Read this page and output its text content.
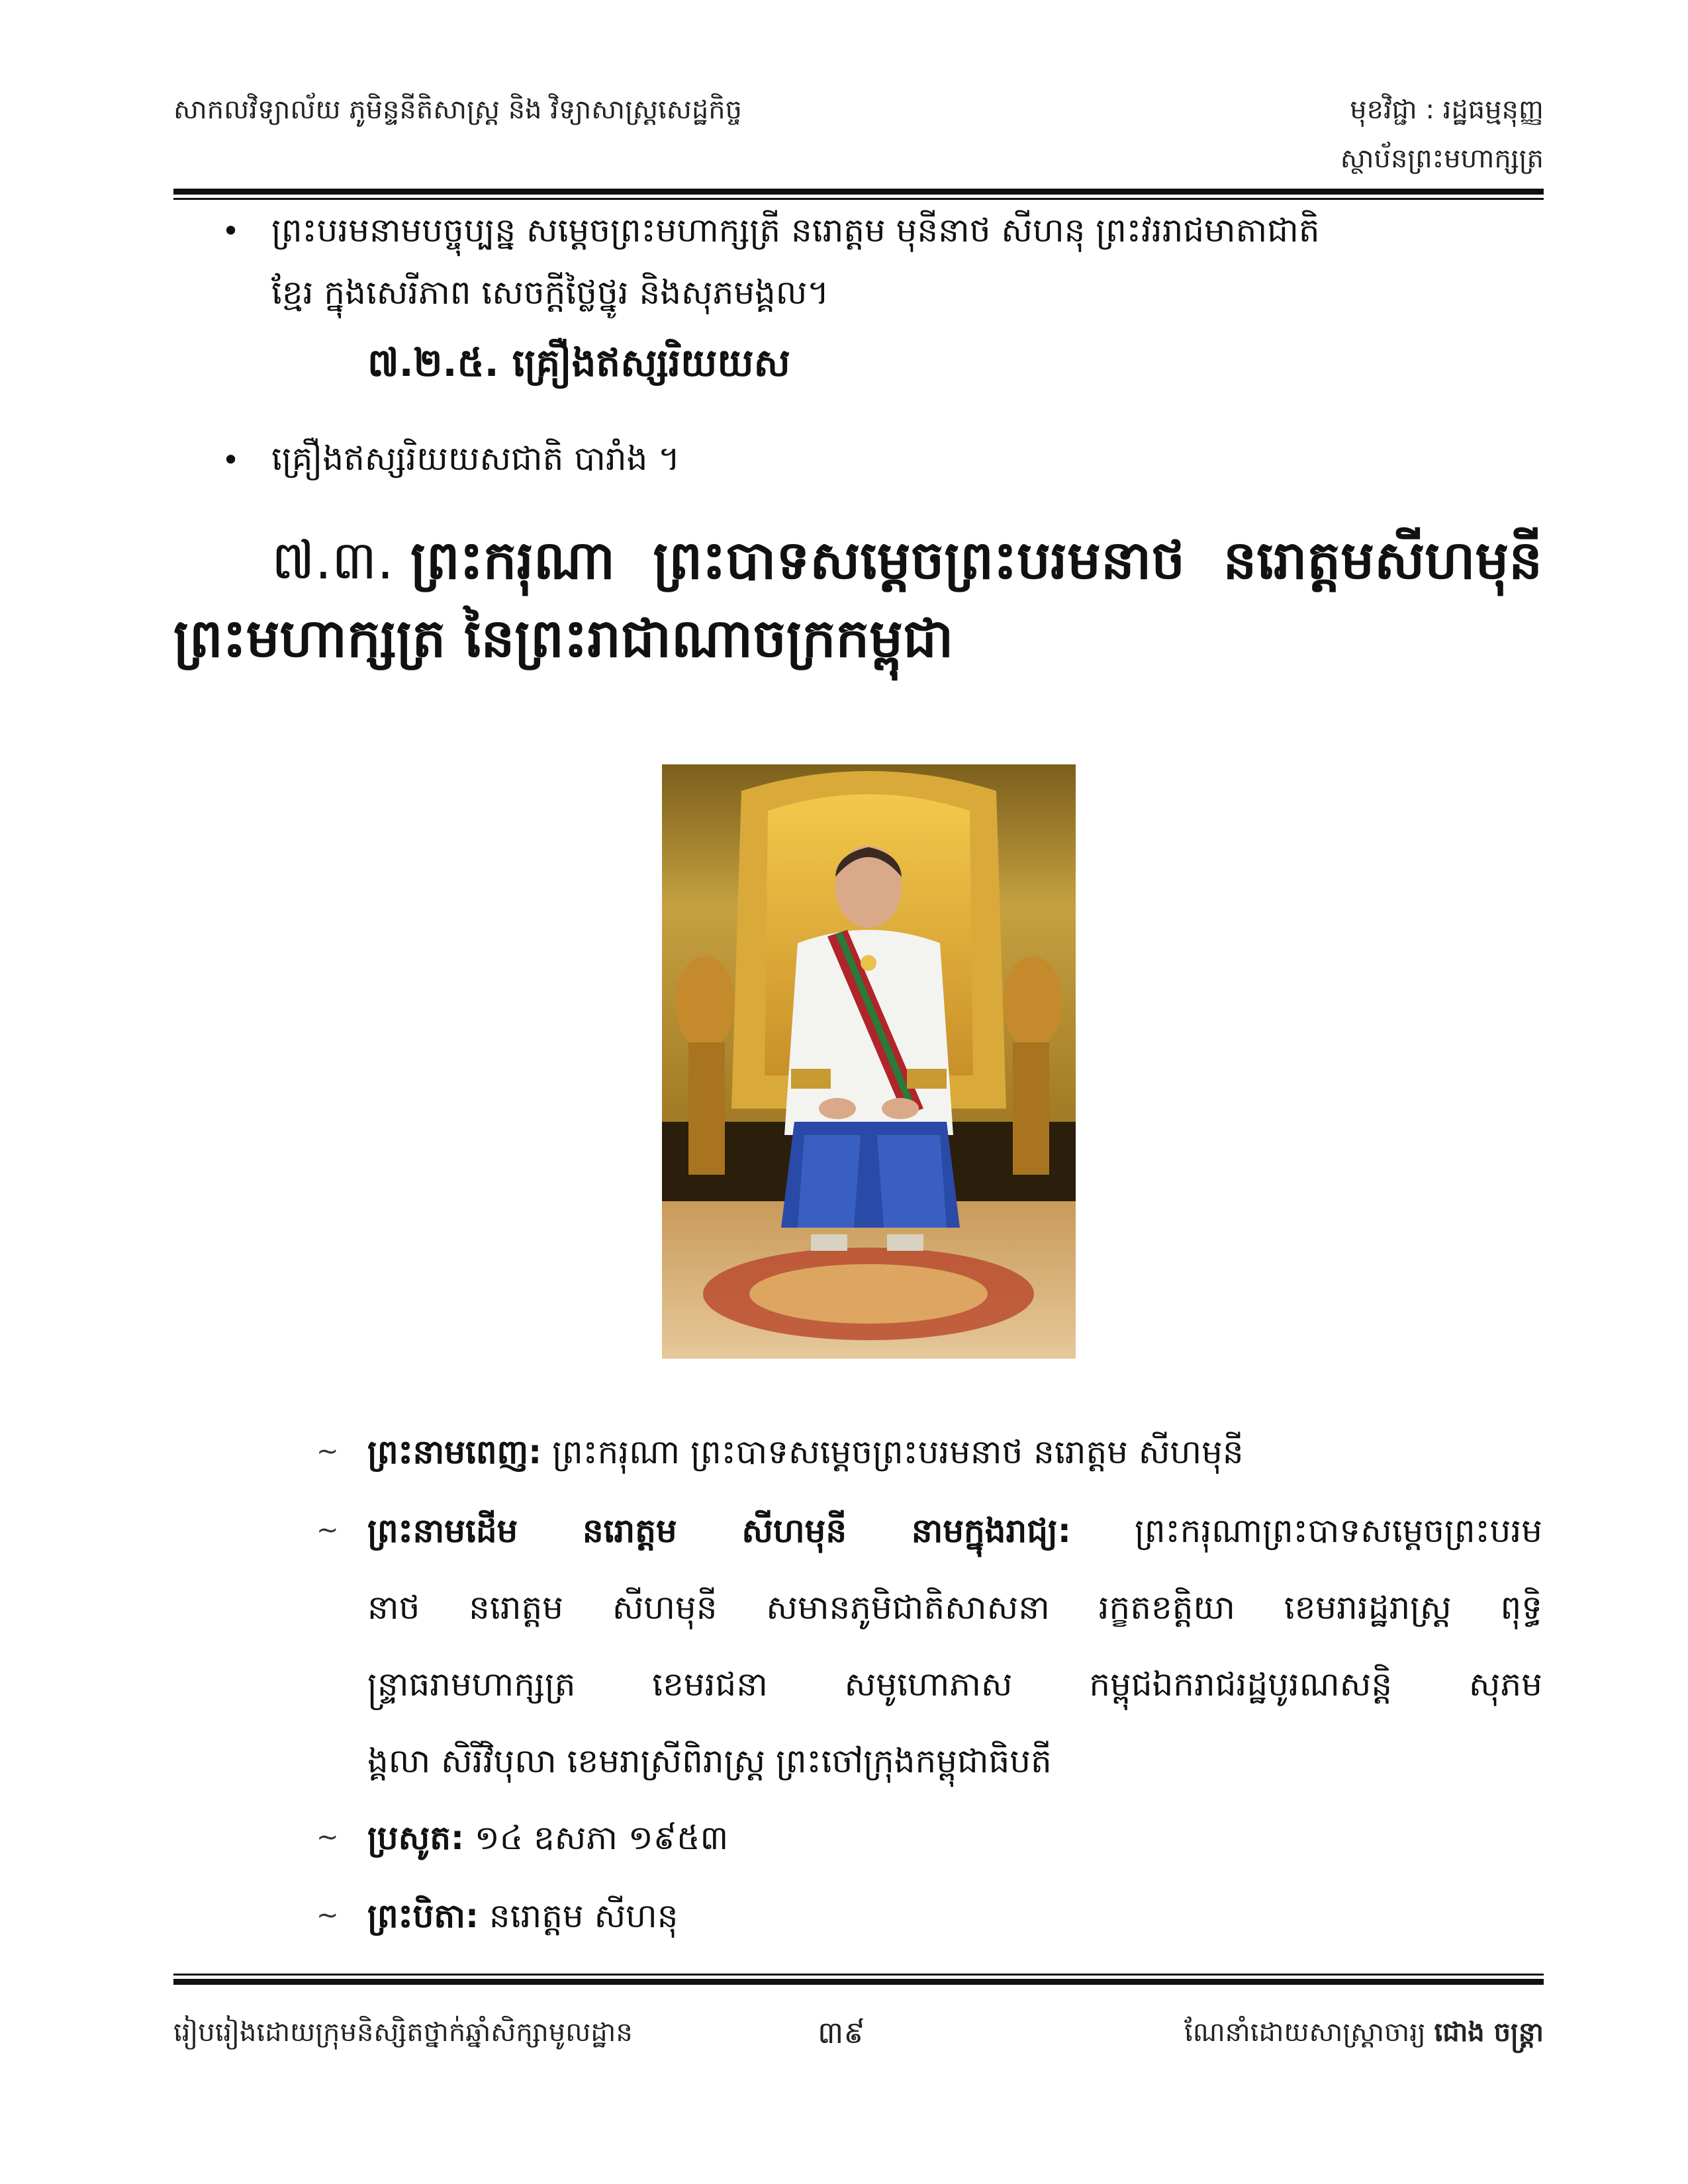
សាកលវិទ្យាល័យ ភូមិន្ទនីតិសាស្ត្រ និង វិទ្យាសាស្ត្រសេដ្ឋកិច្ច	មុខវិជ្ជា : រដ្ឋធម្មនុញ្ញ
ស្ថាប័នព្រះមហាក្សត្រ
• ព្រះបរមនាមបច្ចុប្បន្ន សម្តេចព្រះមហាក្សត្រី នរោត្តម មុនីនាថ សីហនុ ព្រះវររាជមាតាជាតិ
ខ្មែរ ក្នុងសេរីភាព សេចក្តីថ្លៃថ្នូរ និងសុភមង្គល។
៧.២.៥. គ្រឿងឥស្សរិយយស
• គ្រឿងឥស្សរិយយសជាតិ បារាំង ។
៧.៣. ព្រះករុណា ព្រះបាទសម្តេចព្រះបរមនាថ នរោត្តមសីហមុនី
ព្រះមហាក្សត្រ នៃព្រះរាជាណាចក្រកម្ពុជា
~ ព្រះនាមពេញ: ព្រះករុណា ព្រះបាទសម្តេចព្រះបរមនាថ នរោត្តម សីហមុនី
~ ព្រះនាមដើម នរោត្តម សីហមុនី នាមក្នុងរាជ្យ: ព្រះករុណាព្រះបាទសម្តេចព្រះបរម
នាថ នរោត្តម សីហមុនី សមានភូមិជាតិសាសនា រក្ខតខត្តិយា ខេមរារដ្ឋរាស្ត្រ ពុទ្ធិ
ន្ទ្រាធរាមហាក្សត្រ ខេមរជនា សមូហោភាស កម្ពុជឯករាជរដ្ឋបូរណសន្តិ សុភម
ង្គលា សិរីវិបុលា ខេមរាស្រីពិរាស្ត្រ ព្រះចៅក្រុងកម្ពុជាធិបតី
~ ប្រសូត: ១៤ ឧសភា ១៩៥៣
~ ព្រះបិតា: នរោត្តម សីហនុ
រៀបរៀងដោយក្រុមនិស្សិតថ្នាក់ឆ្នាំសិក្សាមូលដ្ឋាន	៣៩	ណែនាំដោយសាស្ត្រាចារ្យ ជោង ចន្ត្រា
